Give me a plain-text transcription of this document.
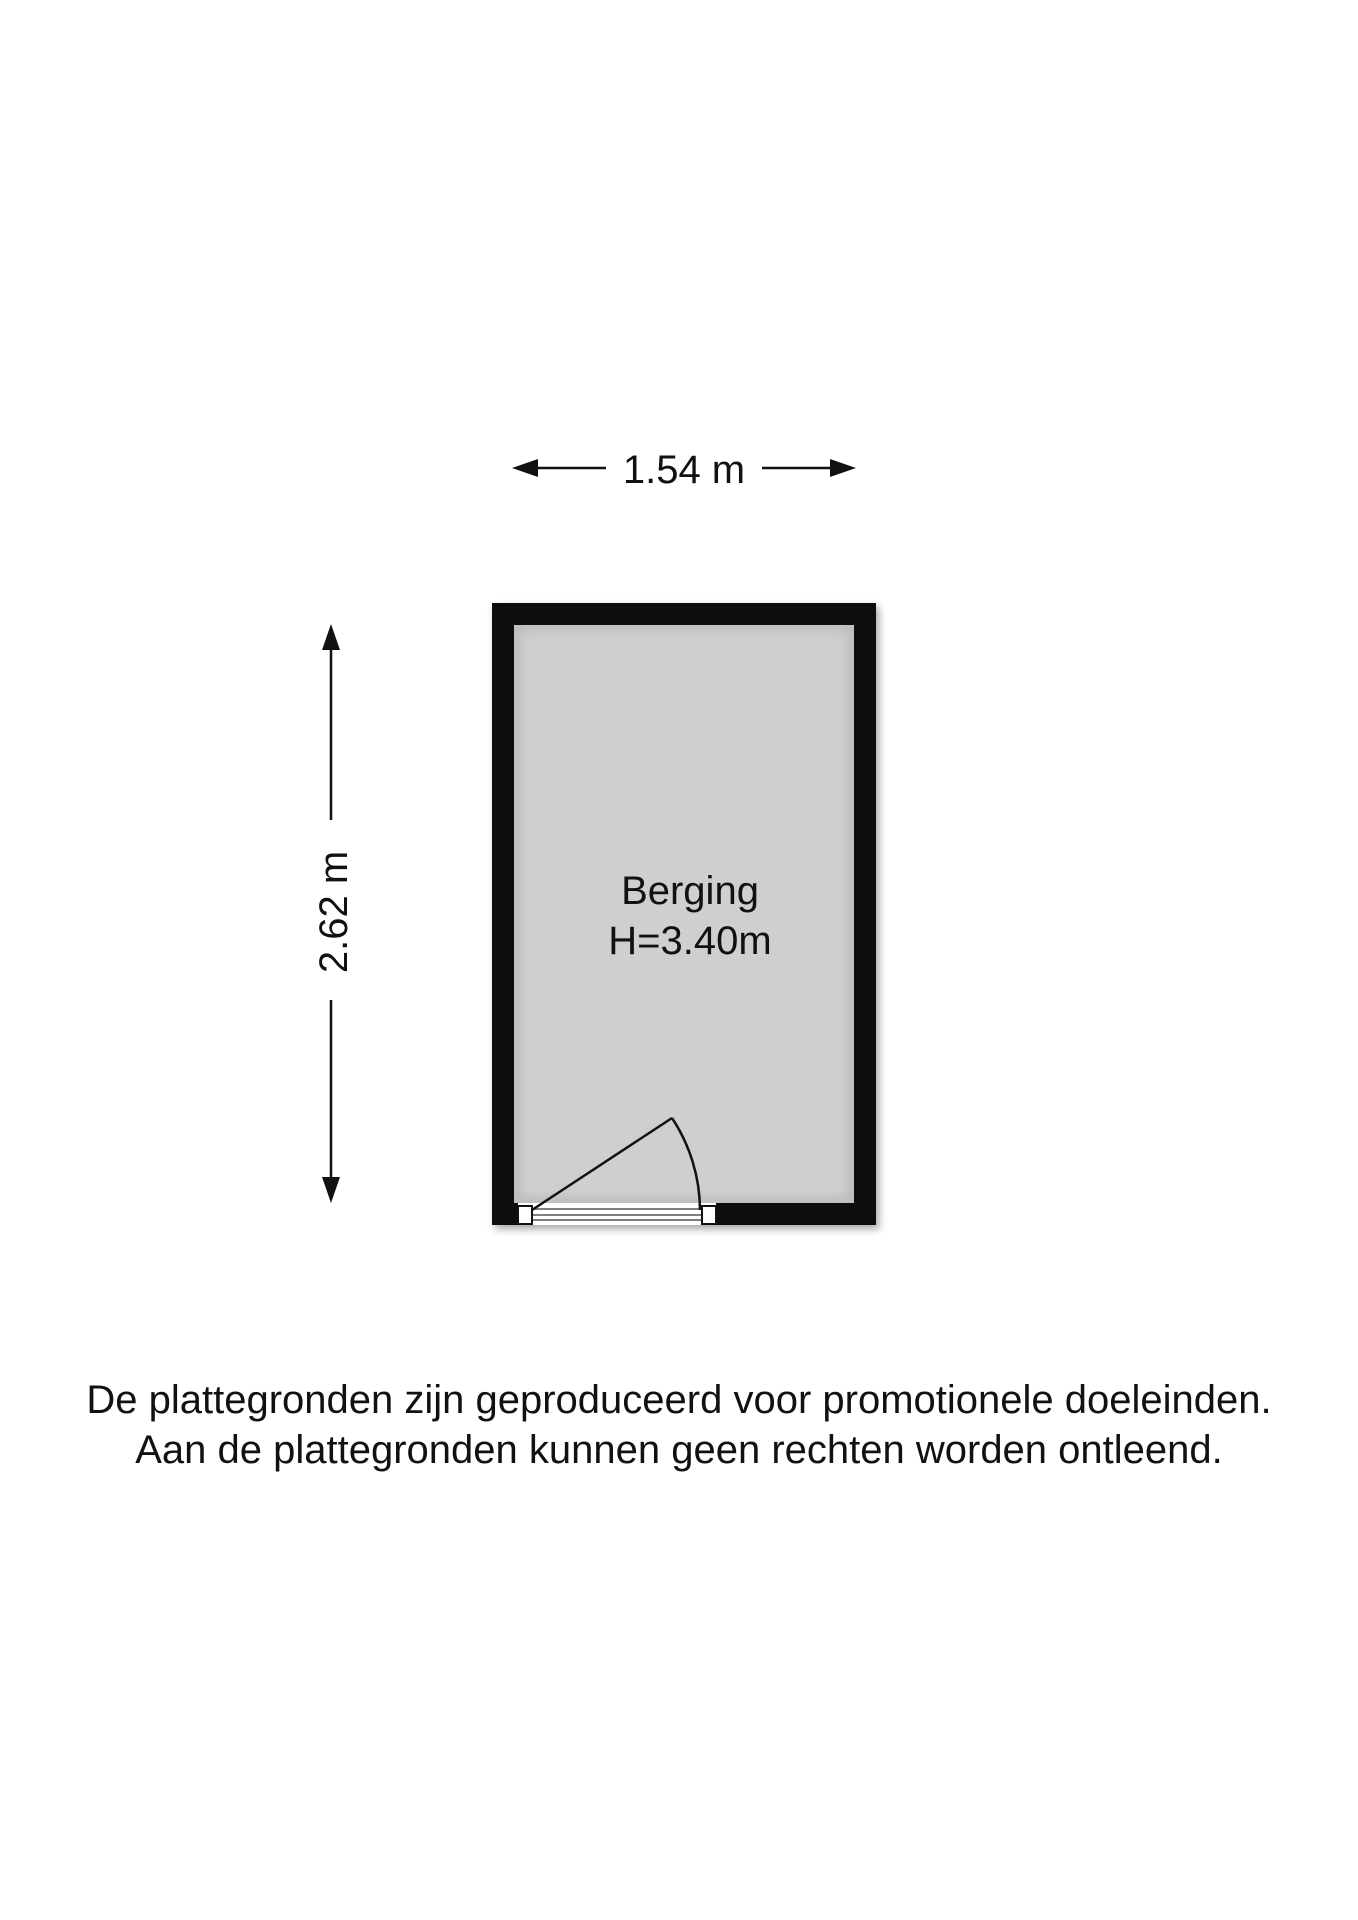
1.54 m
2.62 m	Berging
H=3.40m
De plattegronden zijn geproduceerd voor promotionele doeleinden.
Aan de plattegronden kunnen geen rechten worden ontleend.
